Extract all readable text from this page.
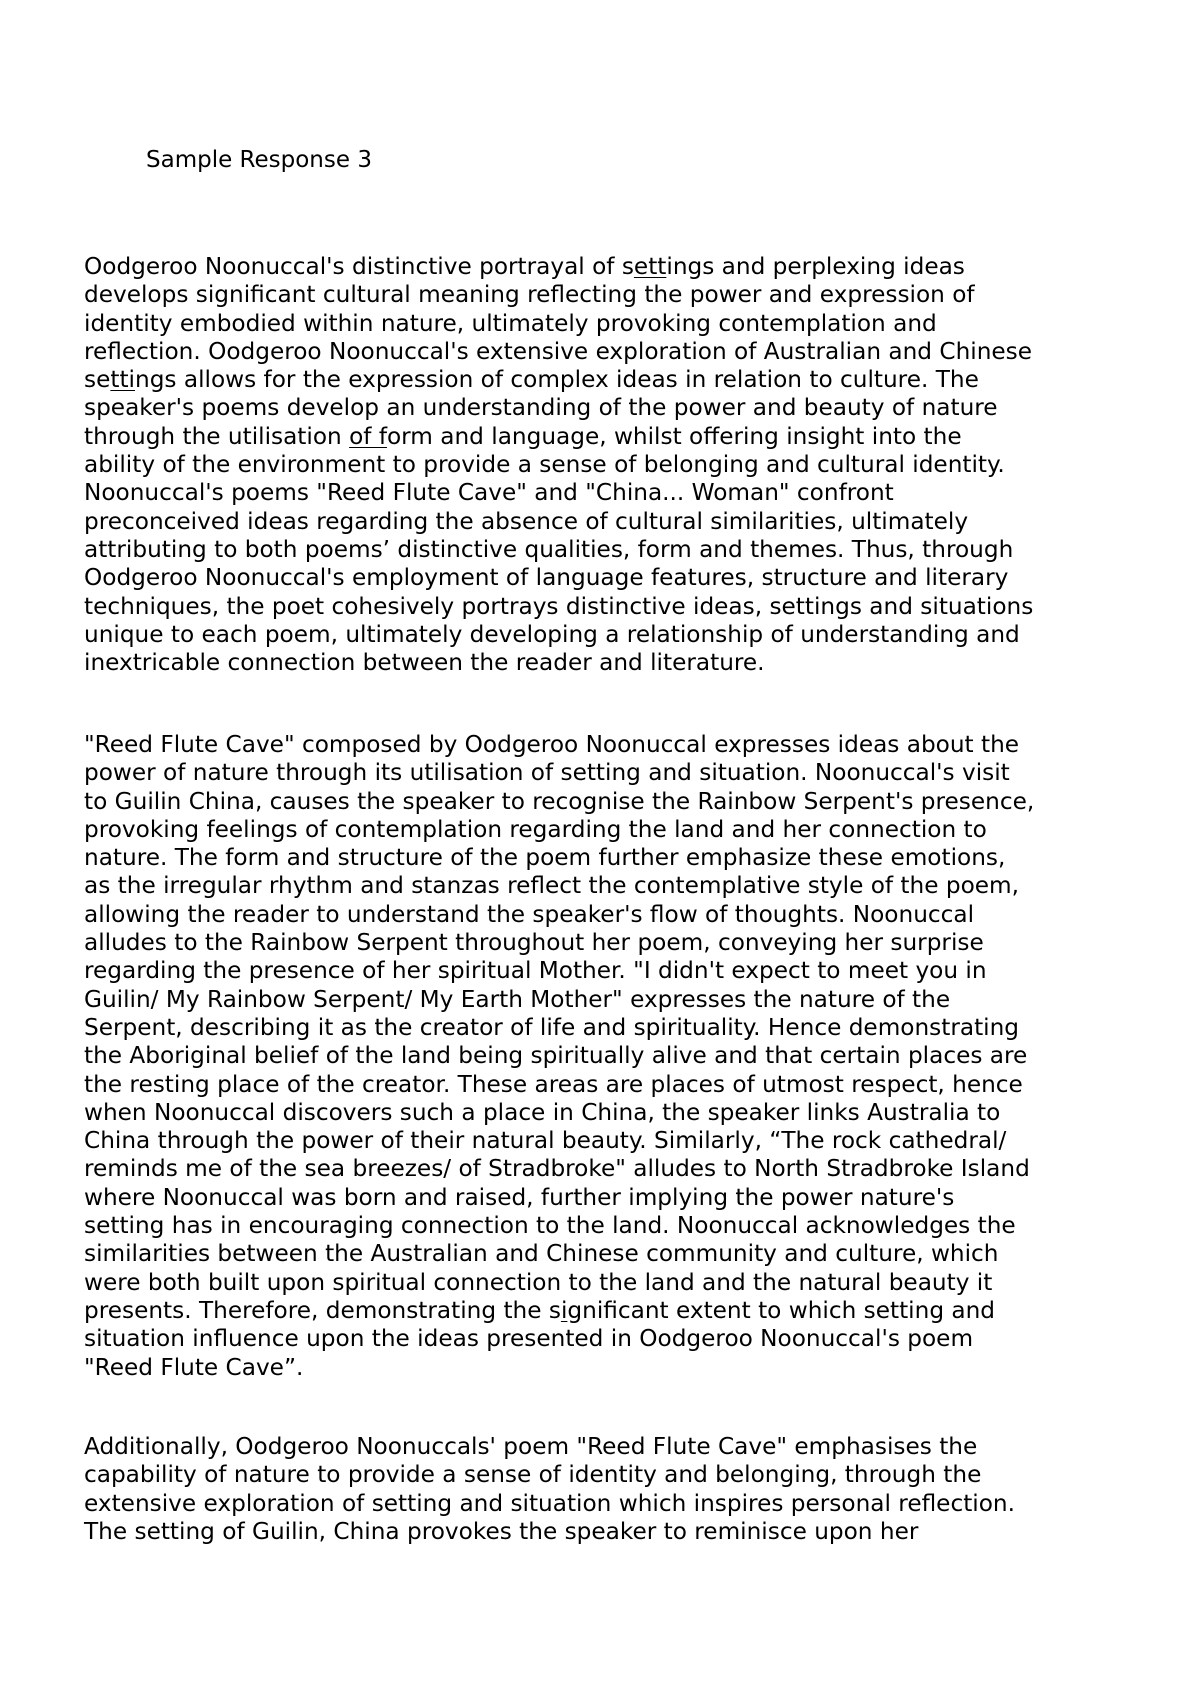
Sample Response 3
Oodgeroo Noonuccal's distinctive portrayal of settings and perplexing ideas
develops significant cultural meaning reflecting the power and expression of
identity embodied within nature, ultimately provoking contemplation and
reflection. Oodgeroo Noonuccal's extensive exploration of Australian and Chinese
settings allows for the expression of complex ideas in relation to culture. The
speaker's poems develop an understanding of the power and beauty of nature
through the utilisation of form and language, whilst offering insight into the
ability of the environment to provide a sense of belonging and cultural identity.
Noonuccal's poems "Reed Flute Cave" and "China... Woman" confront
preconceived ideas regarding the absence of cultural similarities, ultimately
attributing to both poems’ distinctive qualities, form and themes. Thus, through
Oodgeroo Noonuccal's employment of language features, structure and literary
techniques, the poet cohesively portrays distinctive ideas, settings and situations
unique to each poem, ultimately developing a relationship of understanding and
inextricable connection between the reader and literature.
"Reed Flute Cave" composed by Oodgeroo Noonuccal expresses ideas about the
power of nature through its utilisation of setting and situation. Noonuccal's visit
to Guilin China, causes the speaker to recognise the Rainbow Serpent's presence,
provoking feelings of contemplation regarding the land and her connection to
nature. The form and structure of the poem further emphasize these emotions,
as the irregular rhythm and stanzas reflect the contemplative style of the poem,
allowing the reader to understand the speaker's flow of thoughts. Noonuccal
alludes to the Rainbow Serpent throughout her poem, conveying her surprise
regarding the presence of her spiritual Mother. "I didn't expect to meet you in
Guilin/ My Rainbow Serpent/ My Earth Mother" expresses the nature of the
Serpent, describing it as the creator of life and spirituality. Hence demonstrating
the Aboriginal belief of the land being spiritually alive and that certain places are
the resting place of the creator. These areas are places of utmost respect, hence
when Noonuccal discovers such a place in China, the speaker links Australia to
China through the power of their natural beauty. Similarly, “The rock cathedral/
reminds me of the sea breezes/ of Stradbroke" alludes to North Stradbroke Island
where Noonuccal was born and raised, further implying the power nature's
setting has in encouraging connection to the land. Noonuccal acknowledges the
similarities between the Australian and Chinese community and culture, which
were both built upon spiritual connection to the land and the natural beauty it
presents. Therefore, demonstrating the significant extent to which setting and
situation influence upon the ideas presented in Oodgeroo Noonuccal's poem
"Reed Flute Cave”.
Additionally, Oodgeroo Noonuccals' poem "Reed Flute Cave" emphasises the
capability of nature to provide a sense of identity and belonging, through the
extensive exploration of setting and situation which inspires personal reflection.
The setting of Guilin, China provokes the speaker to reminisce upon her
